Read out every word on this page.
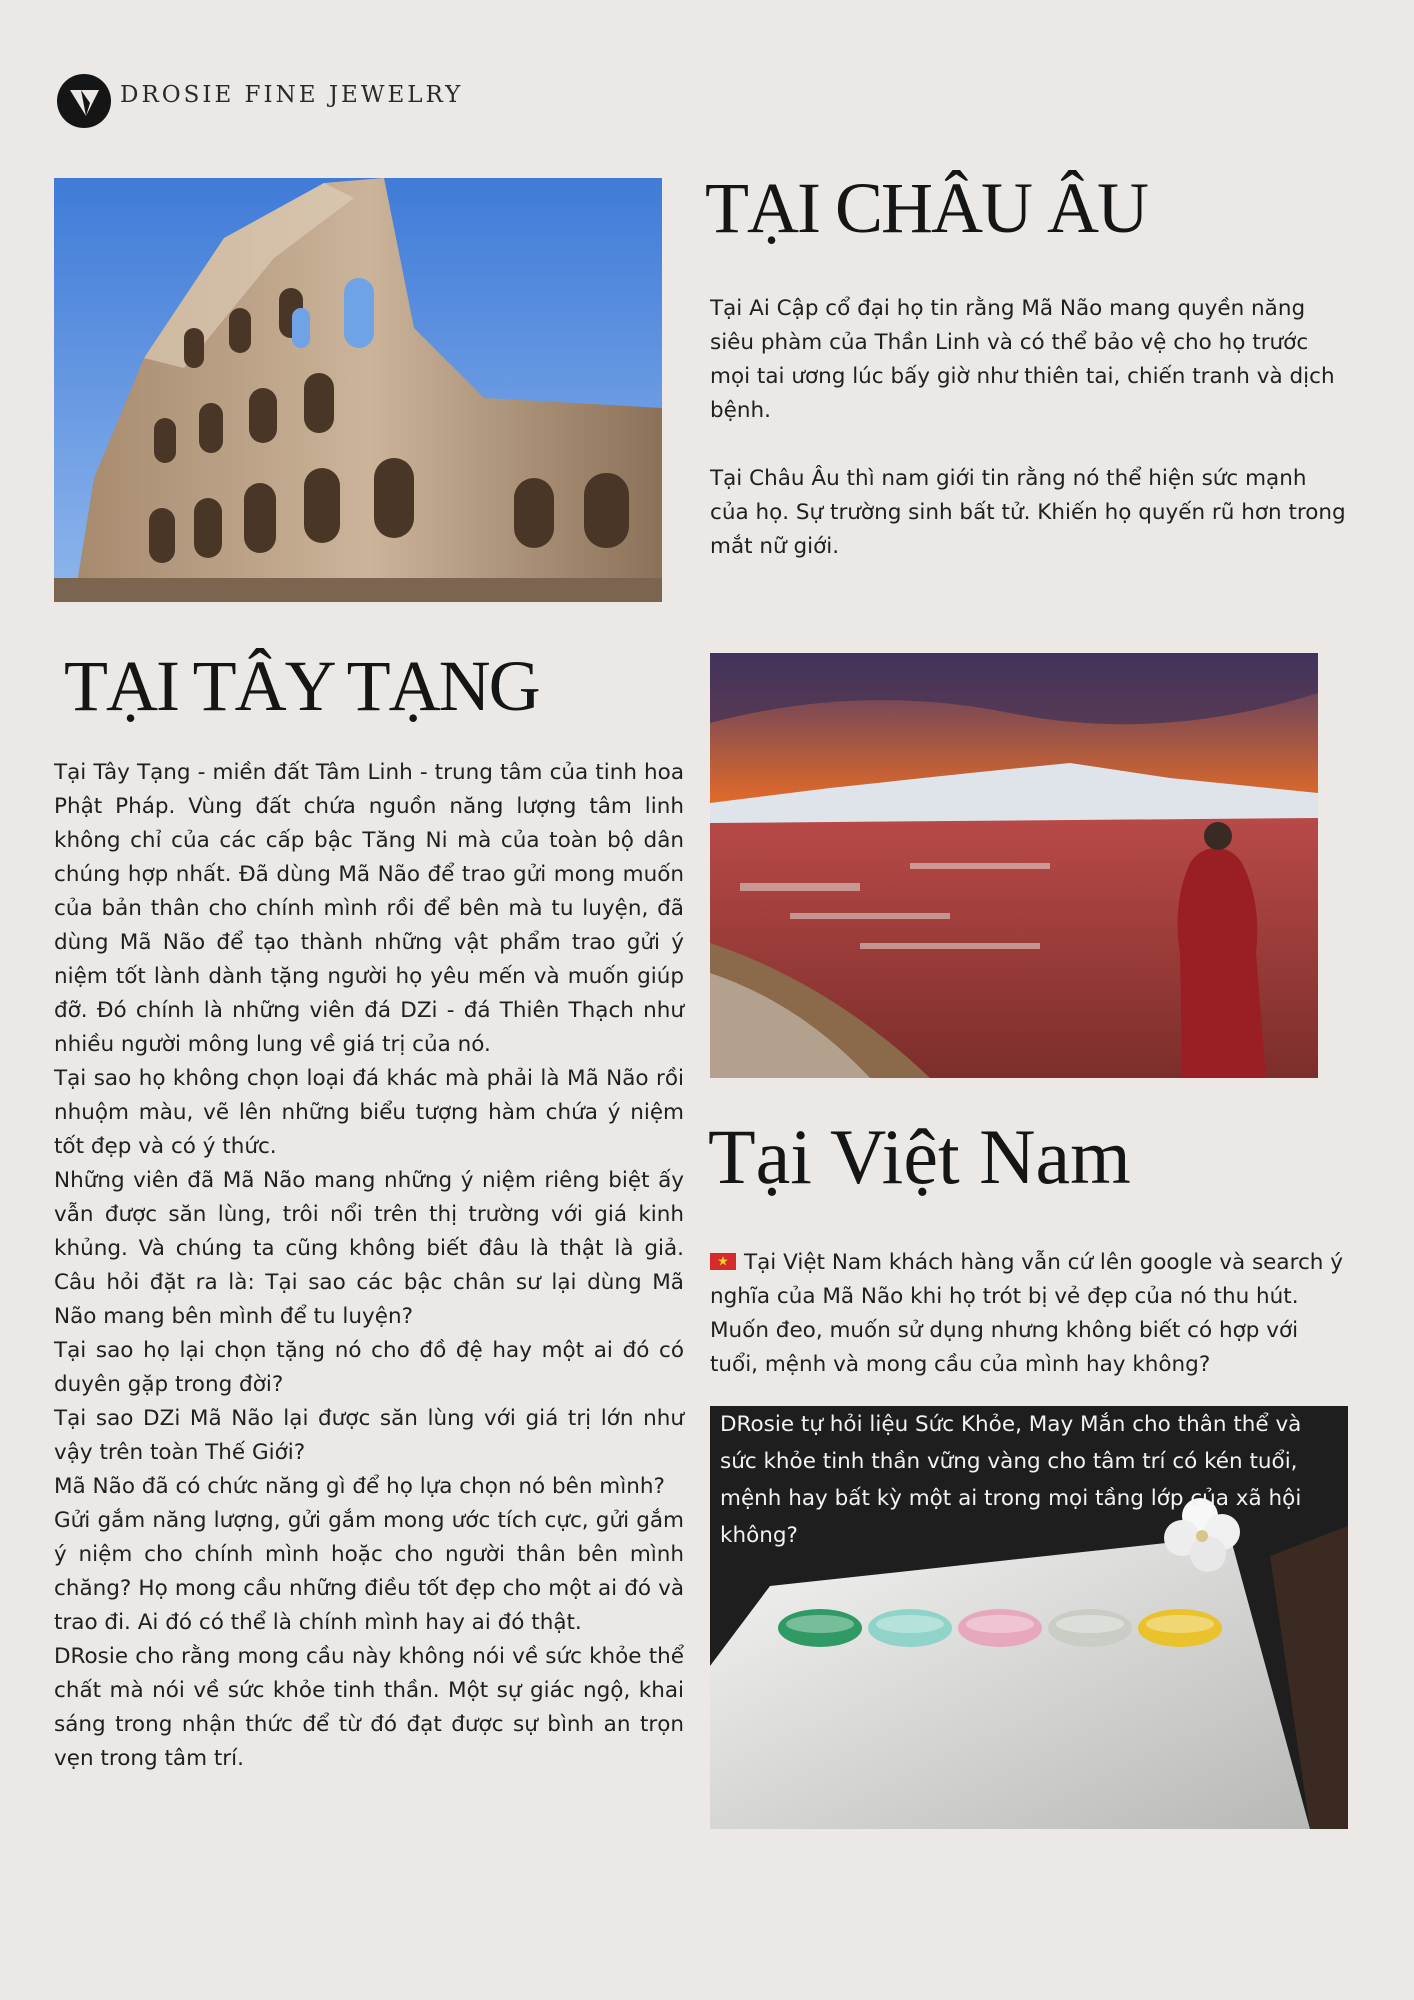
DROSIE FINE JEWELRY
TẠI CHÂU ÂU

Tại Ai Cập cổ đại họ tin rằng Mã Não mang quyền năng siêu phàm của Thần Linh và có thể bảo vệ cho họ trước mọi tai ương lúc bấy giờ như thiên tai, chiến tranh và dịch bệnh.

Tại Châu Âu thì nam giới tin rằng nó thể hiện sức mạnh của họ. Sự trường sinh bất tử. Khiến họ quyến rũ hơn trong mắt nữ giới.

TẠI TÂY TẠNG

Tại Tây Tạng - miền đất Tâm Linh - trung tâm của tinh hoa Phật Pháp. Vùng đất chứa nguồn năng lượng tâm linh không chỉ của các cấp bậc Tăng Ni mà của toàn bộ dân chúng hợp nhất. Đã dùng Mã Não để trao gửi mong muốn của bản thân cho chính mình rồi để bên mà tu luyện, đã dùng Mã Não để tạo thành những vật phẩm trao gửi ý niệm tốt lành dành tặng người họ yêu mến và muốn giúp đỡ. Đó chính là những viên đá DZi - đá Thiên Thạch như nhiều người mông lung về giá trị của nó.

Tại sao họ không chọn loại đá khác mà phải là Mã Não rồi nhuộm màu, vẽ lên những biểu tượng hàm chứa ý niệm tốt đẹp và có ý thức.

Những viên đã Mã Não mang những ý niệm riêng biệt ấy vẫn được săn lùng, trôi nổi trên thị trường với giá kinh khủng. Và chúng ta cũng không biết đâu là thật là giả. Câu hỏi đặt ra là: Tại sao các bậc chân sư lại dùng Mã Não mang bên mình để tu luyện?

Tại sao họ lại chọn tặng nó cho đồ đệ hay một ai đó có duyên gặp trong đời?

Tại sao DZi Mã Não lại được săn lùng với giá trị lớn như vậy trên toàn Thế Giới?

Mã Não đã có chức năng gì để họ lựa chọn nó bên mình?

Gửi gắm năng lượng, gửi gắm mong ước tích cực, gửi gắm ý niệm cho chính mình hoặc cho người thân bên mình chăng? Họ mong cầu những điều tốt đẹp cho một ai đó và trao đi. Ai đó có thể là chính mình hay ai đó thật.

DRosie cho rằng mong cầu này không nói về sức khỏe thể chất mà nói về sức khỏe tinh thần. Một sự giác ngộ, khai sáng trong nhận thức để từ đó đạt được sự bình an trọn vẹn trong tâm trí.

Tại Việt Nam
Tại Việt Nam khách hàng vẫn cứ lên google và search ý nghĩa của Mã Não khi họ trót bị vẻ đẹp của nó thu hút. Muốn đeo, muốn sử dụng nhưng không biết có hợp với tuổi, mệnh và mong cầu của mình hay không?
DRosie tự hỏi liệu Sức Khỏe, May Mắn cho thân thể và sức khỏe tinh thần vững vàng cho tâm trí có kén tuổi, mệnh hay bất kỳ một ai trong mọi tầng lớp của xã hội không?
